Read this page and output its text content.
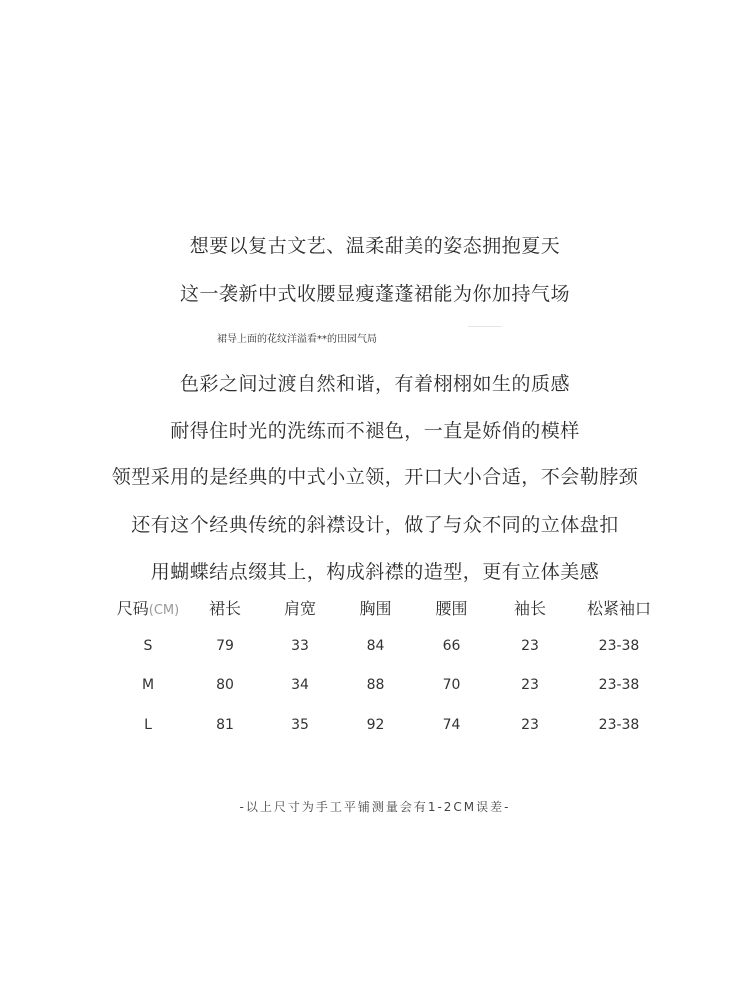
想要以复古文艺、温柔甜美的姿态拥抱夏天
这一袭新中式收腰显瘦蓬蓬裙能为你加持气场
裙导上面的花纹洋溢看**的田园气局
色彩之间过渡自然和谐，有着栩栩如生的质感
耐得住时光的洗练而不褪色，一直是娇俏的模样
领型采用的是经典的中式小立领，开口大小合适，不会勒脖颈
还有这个经典传统的斜襟设计，做了与众不同的立体盘扣
用蝴蝶结点缀其上，构成斜襟的造型，更有立体美感
尺码(CM)	裙长	肩宽	胸围	腰围	袖长	松紧袖口
S	79	33	84	66	23	23-38
M	80	34	88	70	23	23-38
L	81	35	92	74	23	23-38
-以上尺寸为手工平铺测量会有1-2CM误差-
